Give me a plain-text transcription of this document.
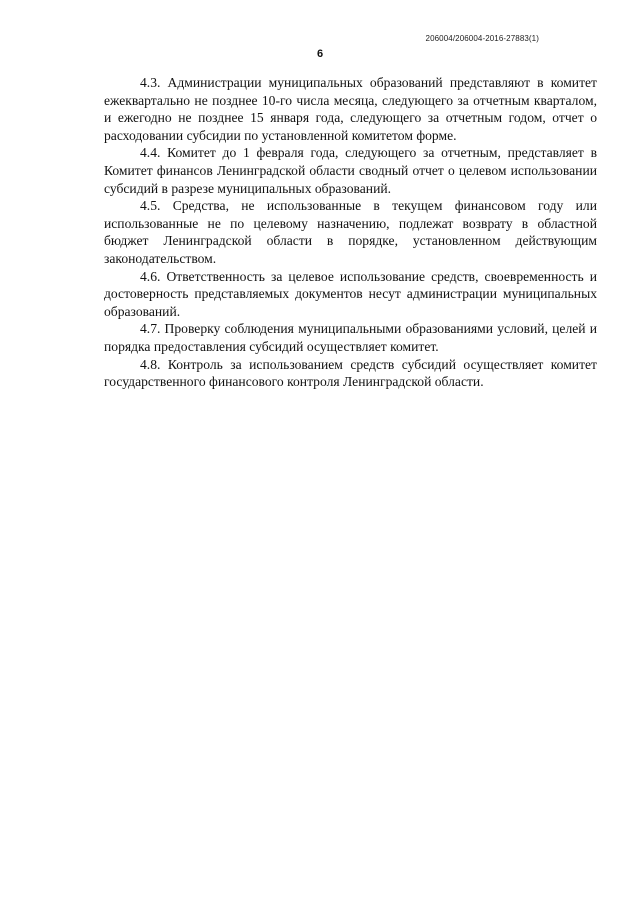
206004/206004-2016-27883(1)
6

4.3. Администрации муниципальных образований представляют в комитет ежеквартально не позднее 10-го числа месяца, следующего за отчетным кварталом, и ежегодно не позднее 15 января года, следующего за отчетным годом, отчет о расходовании субсидии по установленной комитетом форме.

4.4. Комитет до 1 февраля года, следующего за отчетным, представляет в Комитет финансов Ленинградской области сводный отчет о целевом использовании субсидий в разрезе муниципальных образований.

4.5. Средства, не использованные в текущем финансовом году или использованные не по целевому назначению, подлежат возврату в областной бюджет Ленинградской области в порядке, установленном действующим законодательством.

4.6. Ответственность за целевое использование средств, своевременность и достоверность представляемых документов несут администрации муниципальных образований.

4.7. Проверку соблюдения муниципальными образованиями условий, целей и порядка предоставления субсидий осуществляет комитет.

4.8. Контроль за использованием средств субсидий осуществляет комитет государственного финансового контроля Ленинградской области.
